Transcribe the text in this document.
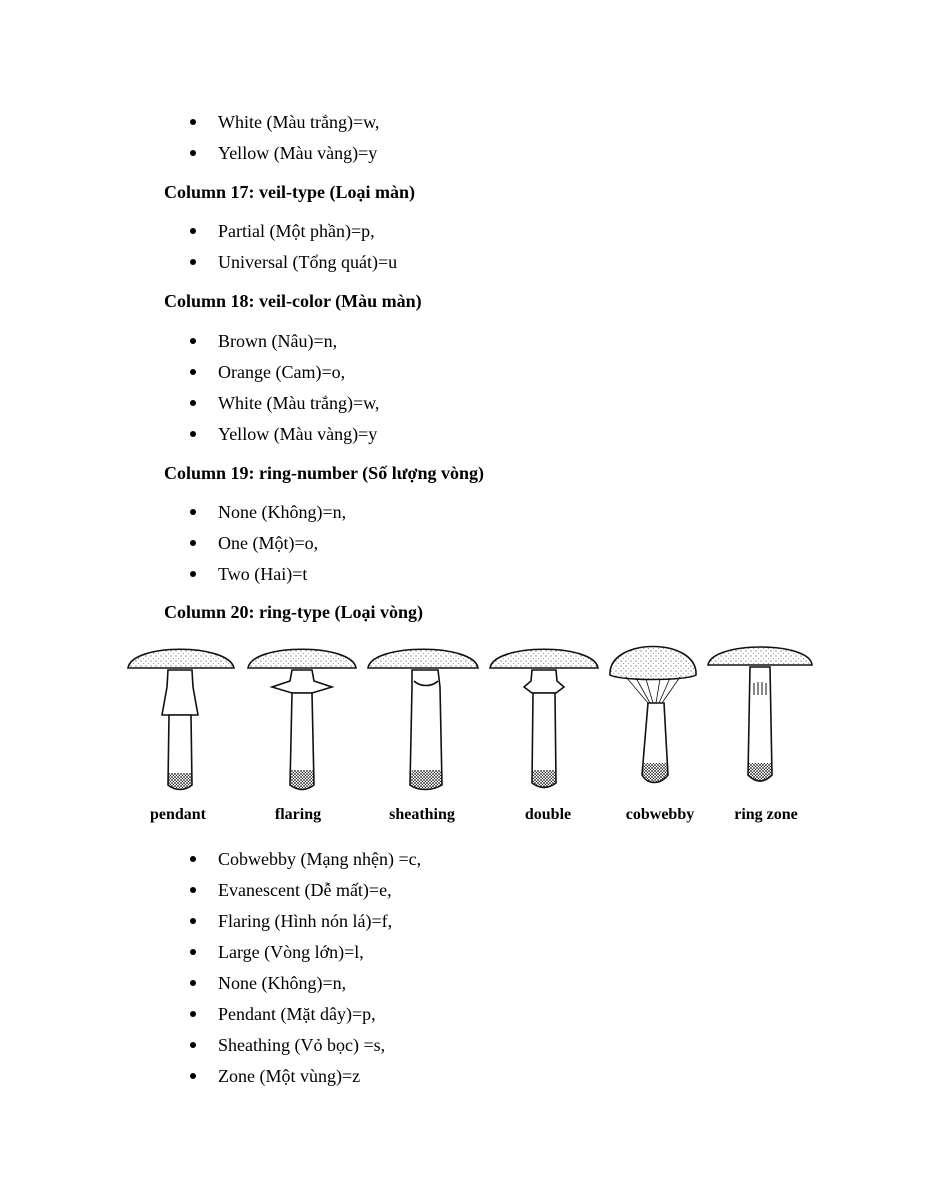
White (Màu trắng)=w,
Yellow (Màu vàng)=y
Column 17: veil-type (Loại màn)
Partial (Một phần)=p,
Universal (Tổng quát)=u
Column 18: veil-color (Màu màn)
Brown (Nâu)=n,
Orange (Cam)=o,
White (Màu trắng)=w,
Yellow (Màu vàng)=y
Column 19: ring-number (Số lượng vòng)
None (Không)=n,
One (Một)=o,
Two (Hai)=t
Column 20: ring-type (Loại vòng)
pendant	flaring	sheathing	double	cobwebby	ring zone
Cobwebby (Mạng nhện) =c,
Evanescent (Dễ mất)=e,
Flaring (Hình nón lá)=f,
Large (Vòng lớn)=l,
None (Không)=n,
Pendant (Mặt dây)=p,
Sheathing (Vỏ bọc) =s,
Zone (Một vùng)=z
